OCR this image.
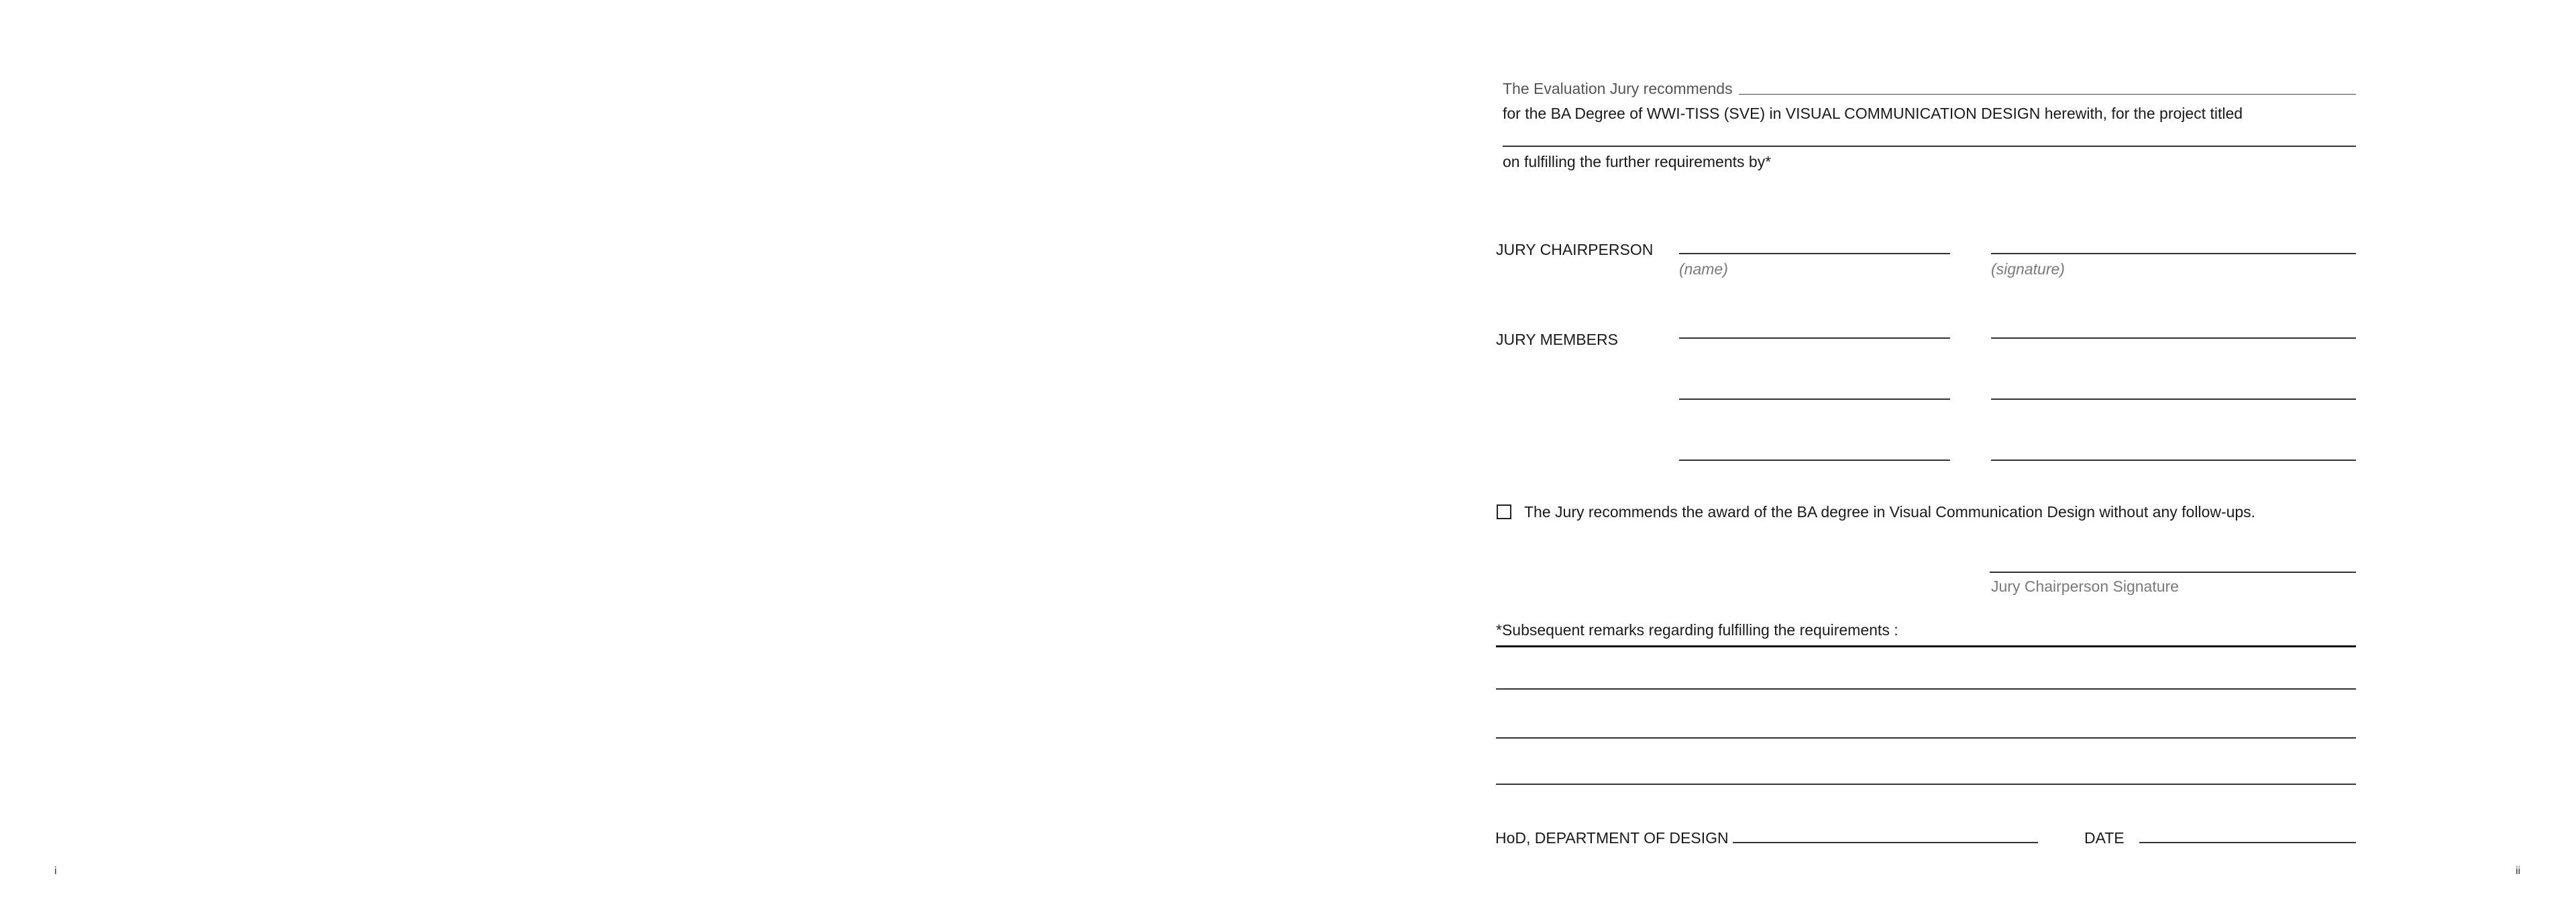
The Evaluation Jury recommends
for the BA Degree of WWI-TISS (SVE) in VISUAL COMMUNICATION DESIGN herewith, for the project titled
on fulfilling the further requirements by*
JURY CHAIRPERSON
(name)	(signature)
JURY MEMBERS
The Jury recommends the award of the BA degree in Visual Communication Design without any follow-ups.
Jury Chairperson Signature
*Subsequent remarks regarding fulfilling the requirements :
HoD, DEPARTMENT OF DESIGN	DATE
i	ii
